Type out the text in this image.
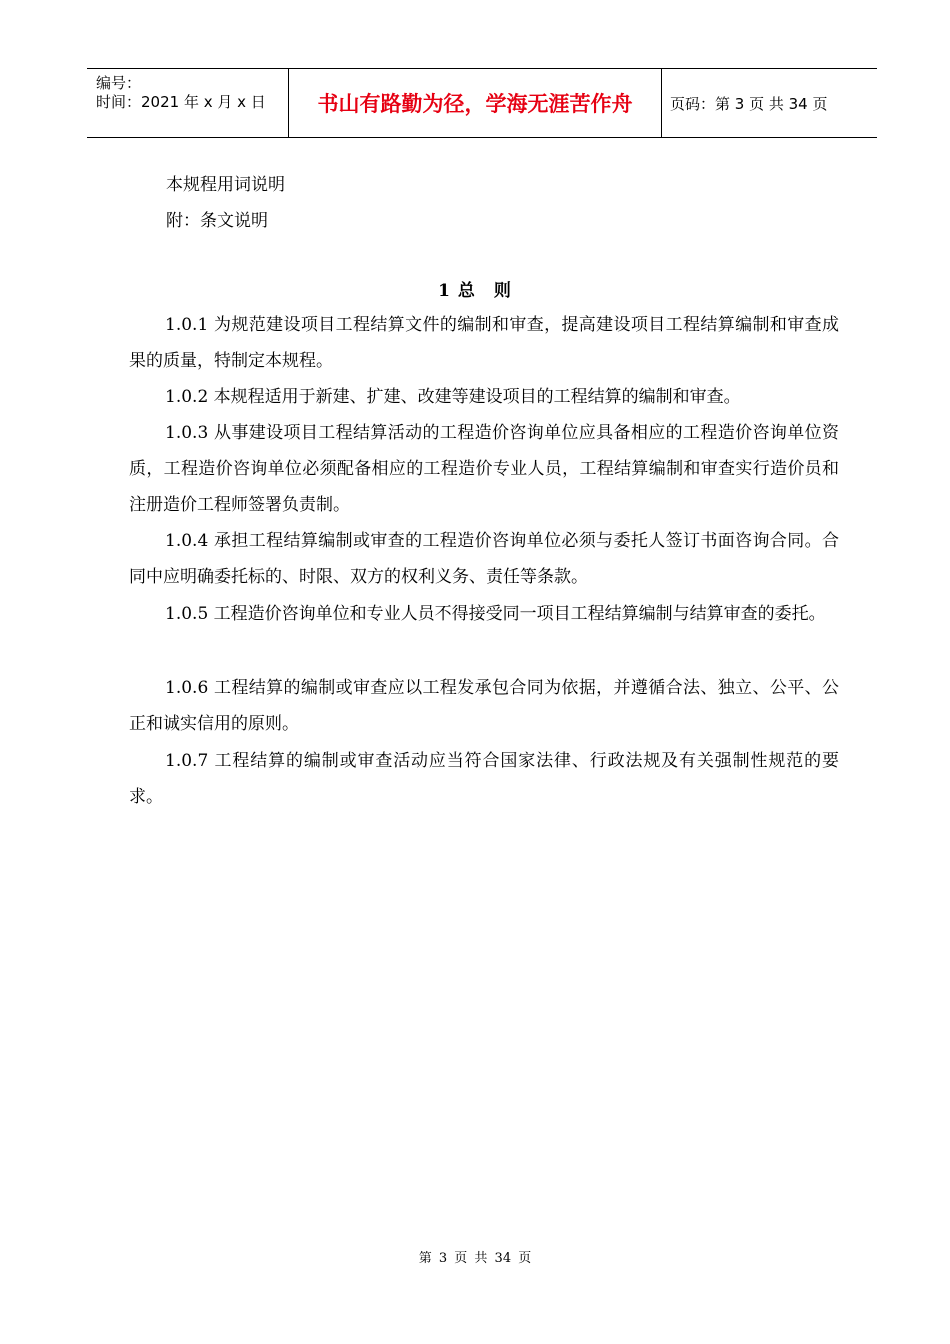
编号：
时间：2021 年 x 月 x 日	书山有路勤为径，学海无涯苦作舟	页码：第 3 页 共 34 页
本规程用词说明
附：条文说明
1 总　则

1.0.1 为规范建设项目工程结算文件的编制和审查，提高建设项目工程结算编制和审查成果的质量，特制定本规程。

1.0.2 本规程适用于新建、扩建、改建等建设项目的工程结算的编制和审查。

1.0.3 从事建设项目工程结算活动的工程造价咨询单位应具备相应的工程造价咨询单位资质，工程造价咨询单位必须配备相应的工程造价专业人员，工程结算编制和审查实行造价员和注册造价工程师签署负责制。

1.0.4 承担工程结算编制或审查的工程造价咨询单位必须与委托人签订书面咨询合同。合同中应明确委托标的、时限、双方的权利义务、责任等条款。

1.0.5 工程造价咨询单位和专业人员不得接受同一项目工程结算编制与结算审查的委托。

1.0.6 工程结算的编制或审查应以工程发承包合同为依据，并遵循合法、独立、公平、公正和诚实信用的原则。

1.0.7 工程结算的编制或审查活动应当符合国家法律、行政法规及有关强制性规范的要求。

第 3 页 共 34 页
